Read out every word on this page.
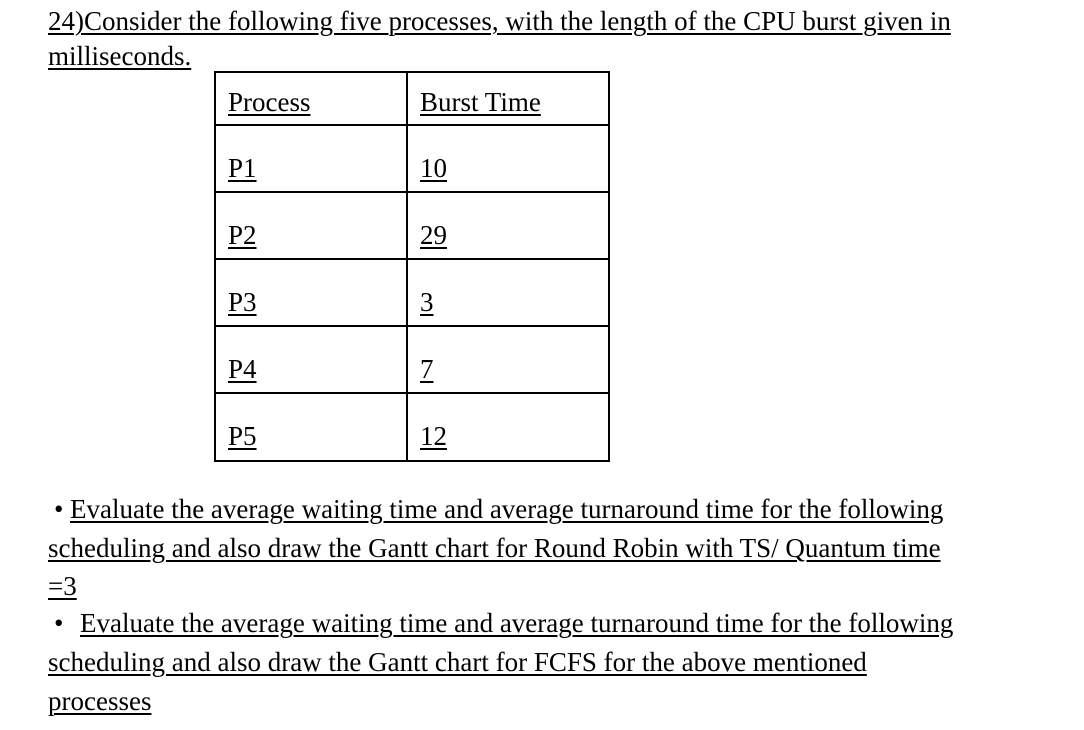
24)Consider the following five processes, with the length of the CPU burst given in
milliseconds.
Process	Burst Time
P1	10
P2	29
P3	3
P4	7
P5	12
• Evaluate the average waiting time and average turnaround time for the following
scheduling and also draw the Gantt chart for Round Robin with TS/ Quantum time
=3
• Evaluate the average waiting time and average turnaround time for the following
scheduling and also draw the Gantt chart for FCFS for the above mentioned
processes
